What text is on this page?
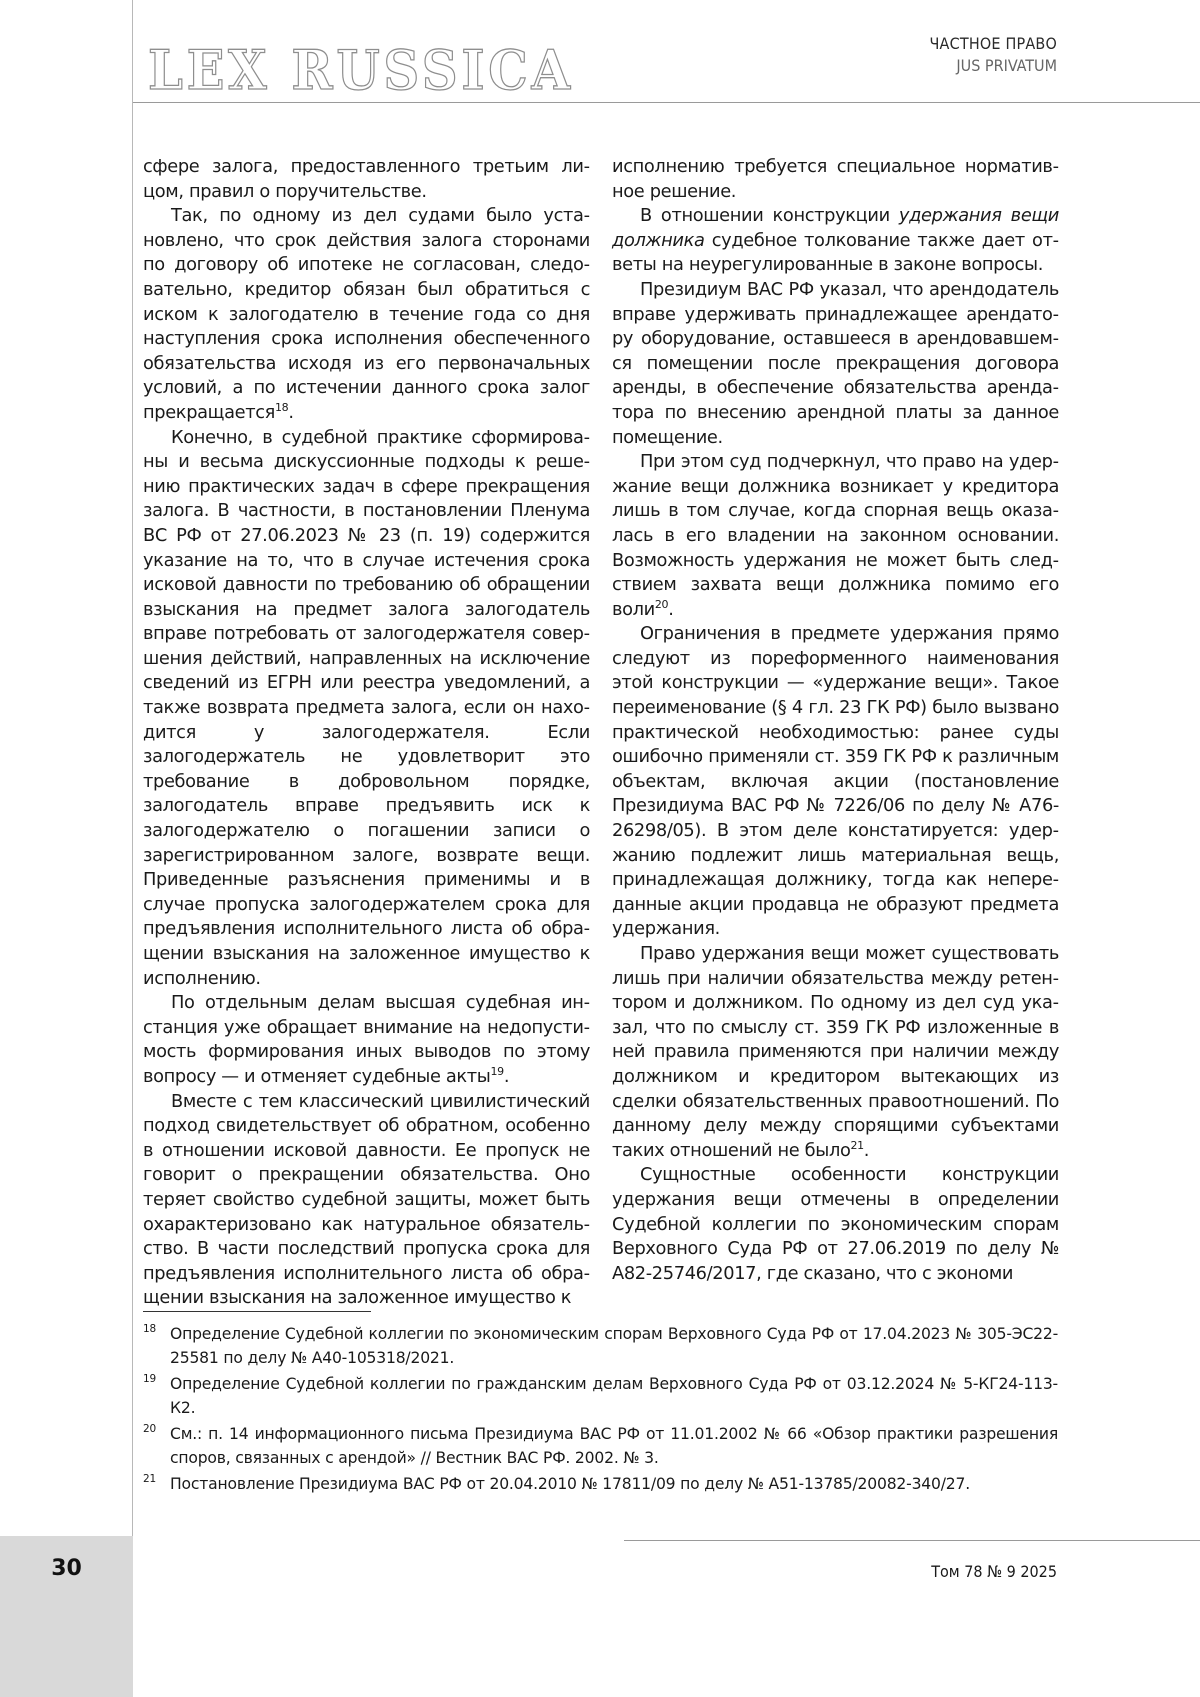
30
LEX RUSSICA	ЧАСТНОЕ ПРАВО
JUS PRIVATUM

сфере залога, предоставленного третьим лицом, правил о поручительстве.

Так, по одному из дел судами было установлено, что срок действия залога сторонами по договору об ипотеке не согласован, следовательно, кредитор обязан был обратиться с иском к залогодателю в течение года со дня наступления срока исполнения обеспеченного обязательства исходя из его первоначальных условий, а по истечении данного срока залог прекращается$^{18}$.

Конечно, в судебной практике сформированы и весьма дискуссионные подходы к решению практических задач в сфере прекращения залога. В частности, в постановлении Пленума ВС РФ от 27.06.2023 № 23 (п. 19) содержится указание на то, что в случае истечения срока исковой давности по требованию об обращении взыскания на предмет залога залогодатель вправе потребовать от залогодержателя совершения действий, направленных на исключение сведений из ЕГРН или реестра уведомлений, а также возврата предмета залога, если он находится у залогодержателя. Если залогодержатель не удовлетворит это требование в добровольном порядке, залогодатель вправе предъявить иск к залогодержателю о погашении записи о зарегистрированном залоге, возврате вещи. Приведенные разъяснения применимы и в случае пропуска залогодержателем срока для предъявления исполнительного листа об обращении взыскания на заложенное имущество к исполнению.

По отдельным делам высшая судебная инстанция уже обращает внимание на недопустимость формирования иных выводов по этому вопросу — и отменяет судебные акты$^{19}$.

Вместе с тем классический цивилистический подход свидетельствует об обратном, особенно в отношении исковой давности. Ее пропуск не говорит о прекращении обязательства. Оно теряет свойство судебной защиты, может быть охарактеризовано как натуральное обязательство. В части последствий пропуска срока для предъявления исполнительного листа об обращении взыскания на заложенное имущество к

исполнению требуется специальное нормативное решение.

В отношении конструкции удержания вещи должника судебное толкование также дает ответы на неурегулированные в законе вопросы.

Президиум ВАС РФ указал, что арендодатель вправе удерживать принадлежащее арендатору оборудование, оставшееся в арендовавшемся помещении после прекращения договора аренды, в обеспечение обязательства арендатора по внесению арендной платы за данное помещение.

При этом суд подчеркнул, что право на удержание вещи должника возникает у кредитора лишь в том случае, когда спорная вещь оказалась в его владении на законном основании. Возможность удержания не может быть следствием захвата вещи должника помимо его воли$^{20}$.

Ограничения в предмете удержания прямо следуют из пореформенного наименования этой конструкции — «удержание вещи». Такое переименование (§ 4 гл. 23 ГК РФ) было вызвано практической необходимостью: ранее суды ошибочно применяли ст. 359 ГК РФ к различным объектам, включая акции (постановление Президиума ВАС РФ № 7226/06 по делу № А76-26298/05). В этом деле констатируется: удержанию подлежит лишь материальная вещь, принадлежащая должнику, тогда как непереданные акции продавца не образуют предмета удержания.

Право удержания вещи может существовать лишь при наличии обязательства между ретентором и должником. По одному из дел суд указал, что по смыслу ст. 359 ГК РФ изложенные в ней правила применяются при наличии между должником и кредитором вытекающих из сделки обязательственных правоотношений. По данному делу между спорящими субъектами таких отношений не было$^{21}$.

Сущностные особенности конструкции удержания вещи отмечены в определении Судебной коллегии по экономическим спорам Верховного Суда РФ от 27.06.2019 по делу № А82-25746/2017, где сказано, что с экономи

18 Определение Судебной коллегии по экономическим спорам Верховного Суда РФ от 17.04.2023 № 305-ЭС22-25581 по делу № А40-105318/2021.
19 Определение Судебной коллегии по гражданским делам Верховного Суда РФ от 03.12.2024 № 5-КГ24-113-К2.
20 См.: п. 14 информационного письма Президиума ВАС РФ от 11.01.2002 № 66 «Обзор практики разрешения споров, связанных с арендой» // Вестник ВАС РФ. 2002. № 3.
21 Постановление Президиума ВАС РФ от 20.04.2010 № 17811/09 по делу № А51-13785/20082-340/27.
Том 78 № 9 2025
